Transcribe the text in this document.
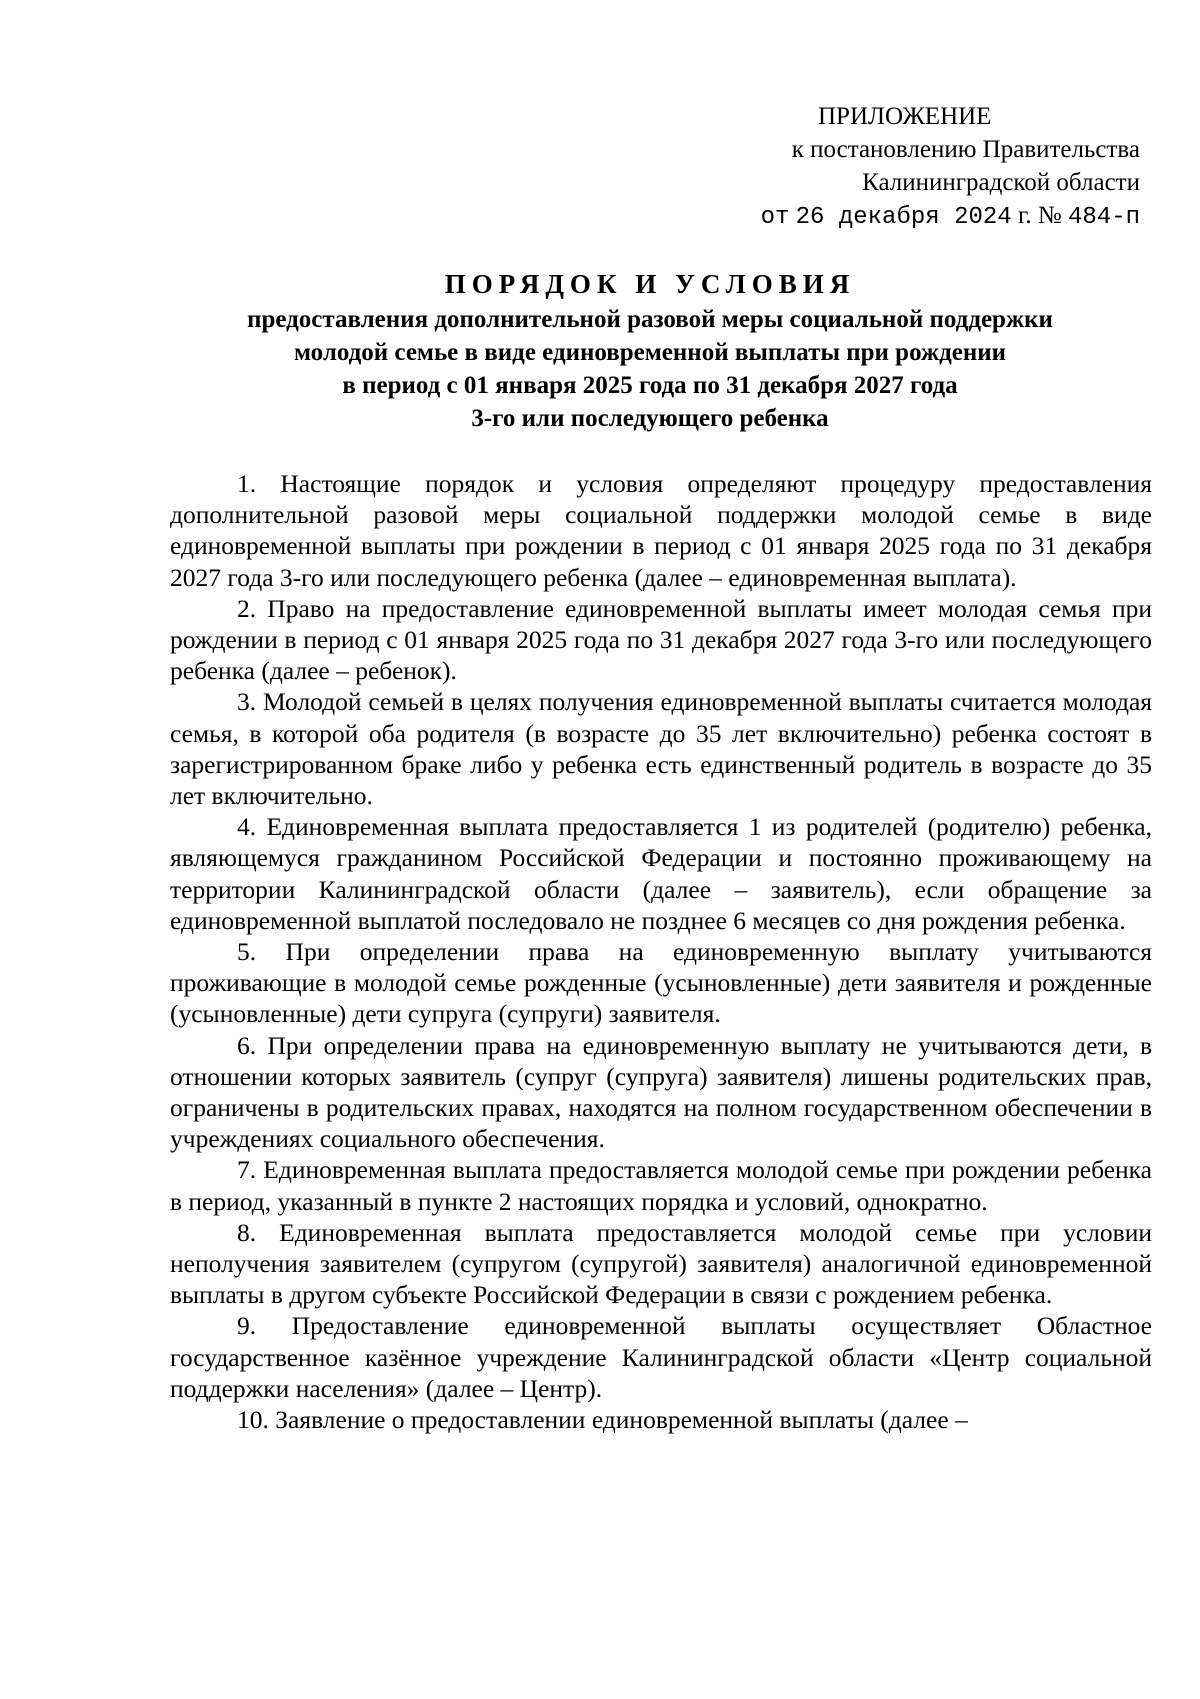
ПРИЛОЖЕНИЕ
к постановлению Правительства
Калининградской области
от 26 декабря 2024 г. № 484-п
ПОРЯДОК И УСЛОВИЯ
предоставления дополнительной разовой меры социальной поддержки
молодой семье в виде единовременной выплаты при рождении
в период с 01 января 2025 года по 31 декабря 2027 года
3-го или последующего ребенка

1. Настоящие порядок и условия определяют процедуру предоставления дополнительной разовой меры социальной поддержки молодой семье в виде единовременной выплаты при рождении в период с 01 января 2025 года по 31 декабря 2027 года 3-го или последующего ребенка (далее – единовременная выплата).

2. Право на предоставление единовременной выплаты имеет молодая семья при рождении в период с 01 января 2025 года по 31 декабря 2027 года 3-го или последующего ребенка (далее – ребенок).

3. Молодой семьей в целях получения единовременной выплаты считается молодая семья, в которой оба родителя (в возрасте до 35 лет включительно) ребенка состоят в зарегистрированном браке либо у ребенка есть единственный родитель в возрасте до 35 лет включительно.

4. Единовременная выплата предоставляется 1 из родителей (родителю) ребенка, являющемуся гражданином Российской Федерации и постоянно проживающему на территории Калининградской области (далее – заявитель), если обращение за единовременной выплатой последовало не позднее 6 месяцев со дня рождения ребенка.

5. При определении права на единовременную выплату учитываются проживающие в молодой семье рожденные (усыновленные) дети заявителя и рожденные (усыновленные) дети супруга (супруги) заявителя.

6. При определении права на единовременную выплату не учитываются дети, в отношении которых заявитель (супруг (супруга) заявителя) лишены родительских прав, ограничены в родительских правах, находятся на полном государственном обеспечении в учреждениях социального обеспечения.

7. Единовременная выплата предоставляется молодой семье при рождении ребенка в период, указанный в пункте 2 настоящих порядка и условий, однократно.

8. Единовременная выплата предоставляется молодой семье при условии неполучения заявителем (супругом (супругой) заявителя) аналогичной единовременной выплаты в другом субъекте Российской Федерации в связи с рождением ребенка.

9. Предоставление единовременной выплаты осуществляет Областное государственное казённое учреждение Калининградской области «Центр социальной поддержки населения» (далее – Центр).

10. Заявление о предоставлении единовременной выплаты (далее –
